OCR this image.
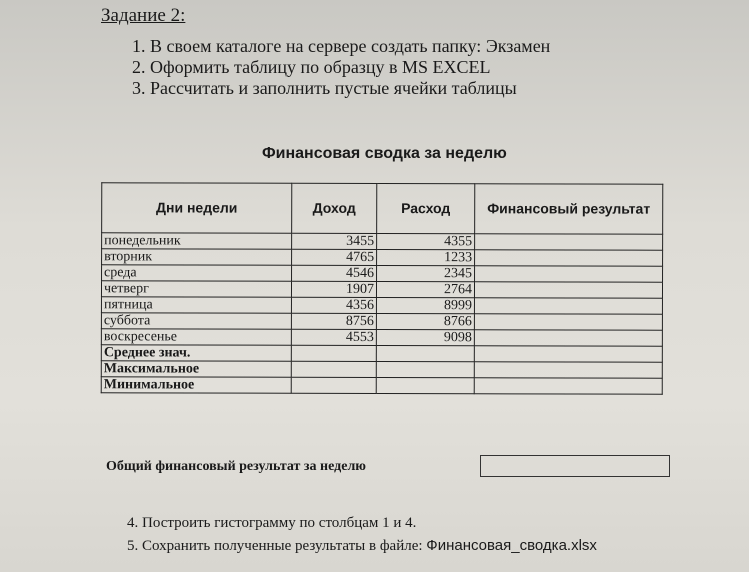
Задание 2:
1. В своем каталоге на сервере создать папку: Экзамен
2. Оформить таблицу по образцу в MS EXCEL
3. Рассчитать и заполнить пустые ячейки таблицы
Финансовая сводка за неделю
Дни недели	Доход	Расход	Финансовый результат
понедельник	3455	4355	
вторник	4765	1233	
среда	4546	2345	
четверг	1907	2764	
пятница	4356	8999	
суббота	8756	8766	
воскресенье	4553	9098	
Среднее знач.			
Максимальное			
Минимальное			
Общий финансовый результат за неделю
4. Построить гистограмму по столбцам 1 и 4.
5. Сохранить полученные результаты в файле: Финансовая_сводка.xlsx
